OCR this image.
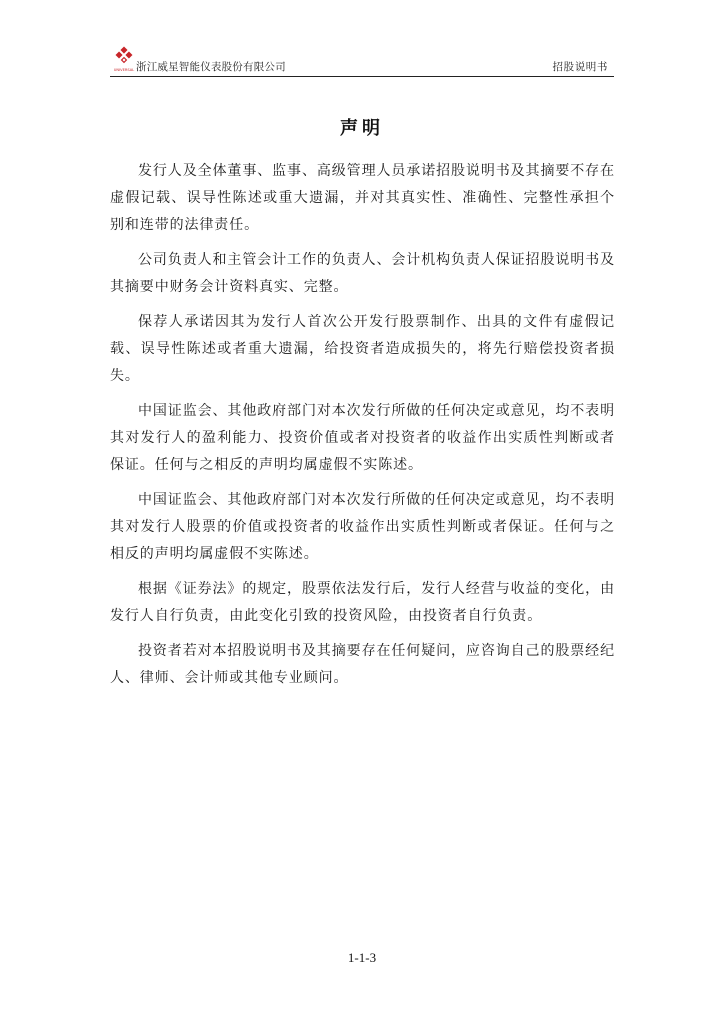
UNIVERSAL 浙江威星智能仪表股份有限公司	招股说明书
声明

发行人及全体董事、监事、高级管理人员承诺招股说明书及其摘要不存在虚假记载、误导性陈述或重大遗漏，并对其真实性、准确性、完整性承担个别和连带的法律责任。

公司负责人和主管会计工作的负责人、会计机构负责人保证招股说明书及其摘要中财务会计资料真实、完整。

保荐人承诺因其为发行人首次公开发行股票制作、出具的文件有虚假记载、误导性陈述或者重大遗漏，给投资者造成损失的，将先行赔偿投资者损失。

中国证监会、其他政府部门对本次发行所做的任何决定或意见，均不表明其对发行人的盈利能力、投资价值或者对投资者的收益作出实质性判断或者保证。任何与之相反的声明均属虚假不实陈述。

中国证监会、其他政府部门对本次发行所做的任何决定或意见，均不表明其对发行人股票的价值或投资者的收益作出实质性判断或者保证。任何与之相反的声明均属虚假不实陈述。

根据《证券法》的规定，股票依法发行后，发行人经营与收益的变化，由发行人自行负责，由此变化引致的投资风险，由投资者自行负责。

投资者若对本招股说明书及其摘要存在任何疑问，应咨询自己的股票经纪人、律师、会计师或其他专业顾问。

1-1-3
